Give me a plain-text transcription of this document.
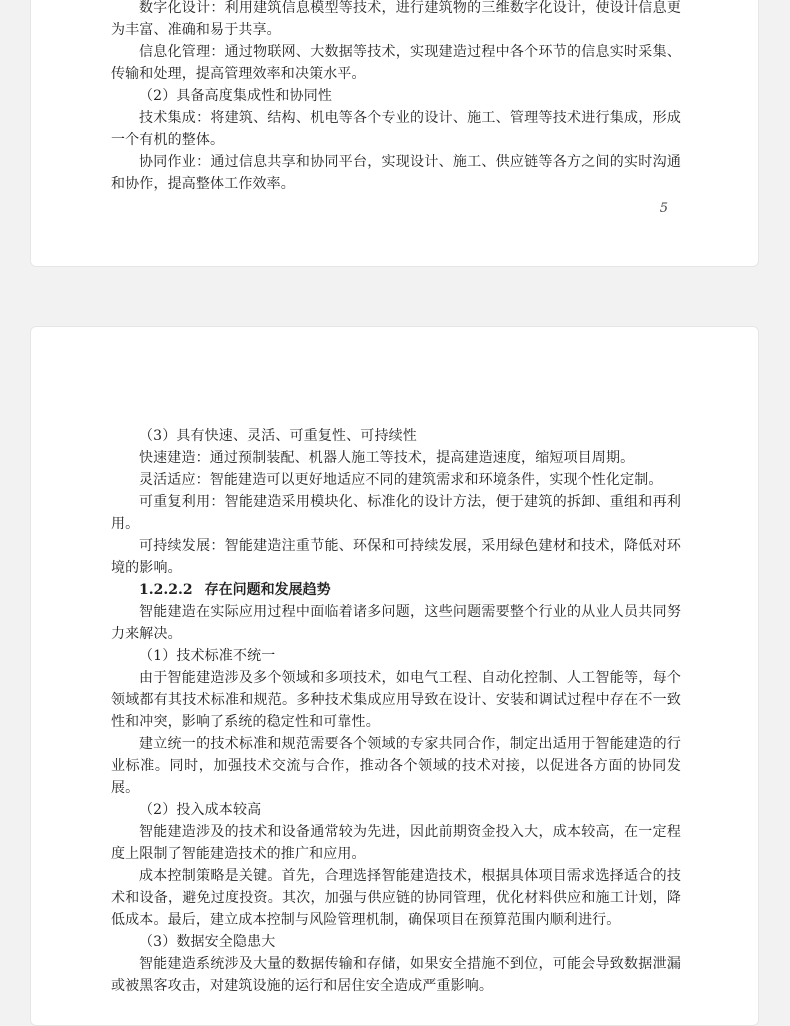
数字化设计：利用建筑信息模型等技术，进行建筑物的三维数字化设计，使设计信息更为丰富、准确和易于共享。

信息化管理：通过物联网、大数据等技术，实现建造过程中各个环节的信息实时采集、传输和处理，提高管理效率和决策水平。

（2）具备高度集成性和协同性

技术集成：将建筑、结构、机电等各个专业的设计、施工、管理等技术进行集成，形成一个有机的整体。

协同作业：通过信息共享和协同平台，实现设计、施工、供应链等各方之间的实时沟通和协作，提高整体工作效率。

5

（3）具有快速、灵活、可重复性、可持续性

快速建造：通过预制装配、机器人施工等技术，提高建造速度，缩短项目周期。

灵活适应：智能建造可以更好地适应不同的建筑需求和环境条件，实现个性化定制。

可重复利用：智能建造采用模块化、标准化的设计方法，便于建筑的拆卸、重组和再利用。

可持续发展：智能建造注重节能、环保和可持续发展，采用绿色建材和技术，降低对环境的影响。

1.2.2.2 存在问题和发展趋势

智能建造在实际应用过程中面临着诸多问题，这些问题需要整个行业的从业人员共同努力来解决。

（1）技术标准不统一

由于智能建造涉及多个领域和多项技术，如电气工程、自动化控制、人工智能等，每个领域都有其技术标准和规范。多种技术集成应用导致在设计、安装和调试过程中存在不一致性和冲突，影响了系统的稳定性和可靠性。

建立统一的技术标准和规范需要各个领域的专家共同合作，制定出适用于智能建造的行业标准。同时，加强技术交流与合作，推动各个领域的技术对接，以促进各方面的协同发展。

（2）投入成本较高

智能建造涉及的技术和设备通常较为先进，因此前期资金投入大，成本较高，在一定程度上限制了智能建造技术的推广和应用。

成本控制策略是关键。首先，合理选择智能建造技术，根据具体项目需求选择适合的技术和设备，避免过度投资。其次，加强与供应链的协同管理，优化材料供应和施工计划，降低成本。最后，建立成本控制与风险管理机制，确保项目在预算范围内顺利进行。

（3）数据安全隐患大

智能建造系统涉及大量的数据传输和存储，如果安全措施不到位，可能会导致数据泄漏或被黑客攻击，对建筑设施的运行和居住安全造成严重影响。
